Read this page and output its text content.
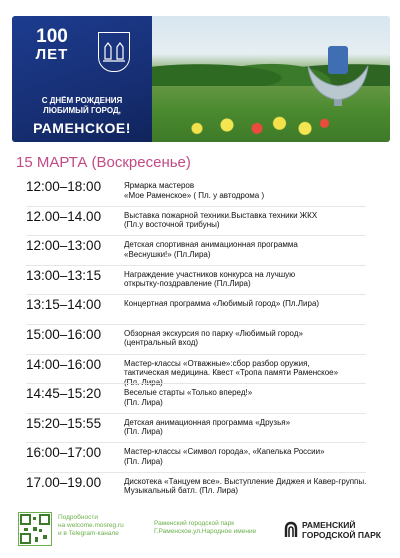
100
ЛЕТ
С ДНЁМ РОЖДЕНИЯ
ЛЮБИМЫЙ ГОРОД,
РАМЕНСКОЕ!
15 МАРТА (Воскресенье)
12:00–18:00	Ярмарка мастеров
«Мое Раменское» ( Пл. у автодрома )
12.00–14.00	Выставка пожарной техники.Выставка техники ЖКХ
(Пл.у восточной трибуны)
12:00–13:00	Детская спортивная анимационная программа
«Веснушки!» (Пл.Лира)
13:00–13:15	Награждение участников конкурса на лучшую
открытку-поздравление (Пл.Лира)
13:15–14:00	Концертная программа «Любимый город» (Пл.Лира)
15:00–16:00	Обзорная экскурсия по парку «Любимый город»
(центральный вход)
14:00–16:00	Мастер-классы «Отважные»:сбор разбор оружия,
тактическая медицина. Квест «Тропа памяти Раменское»
(Пл. Лира)
14:45–15:20	Веселые старты «Только вперед!»
(Пл. Лира)
15:20–15:55	Детская анимационная программа «Друзья»
(Пл. Лира)
16:00–17:00	Мастер-классы «Символ города», «Капелька России»
(Пл. Лира)
17.00–19.00	Дискотека «Танцуем все». Выступление Диджея и Кавер-группы.
Музыкальный батл. (Пл. Лира)
Подробности
на welcome.mosreg.ru
и в Telegram-канале
Раменский городской парк
Г.Раменское,ул.Народное имение
РАМЕНСКИЙ
ГОРОДСКОЙ ПАРК
